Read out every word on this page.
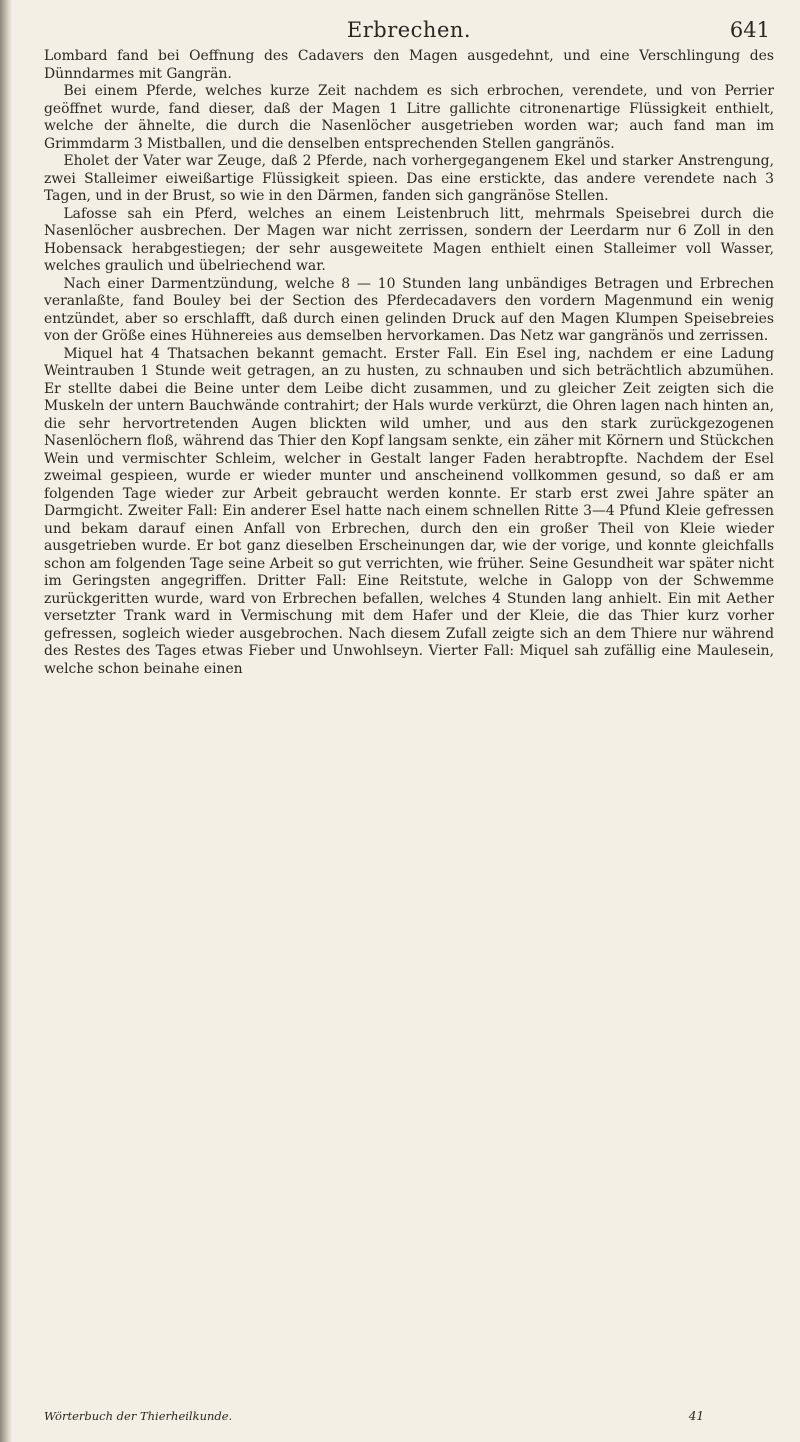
Erbrechen.	641

Lombard fand bei Oeffnung des Cadavers den Magen ausgedehnt, und eine Verschlingung des Dünndarmes mit Gangrän.

Bei einem Pferde, welches kurze Zeit nachdem es sich erbrochen, verendete, und von Perrier geöffnet wurde, fand dieser, daß der Magen 1 Litre gallichte citronenartige Flüssigkeit enthielt, welche der ähnelte, die durch die Nasenlöcher ausgetrieben worden war; auch fand man im Grimmdarm 3 Mistballen, und die denselben entsprechenden Stellen gangränös.

Eholet der Vater war Zeuge, daß 2 Pferde, nach vorhergegangenem Ekel und starker Anstrengung, zwei Stalleimer eiweißartige Flüssigkeit spieen. Das eine erstickte, das andere verendete nach 3 Tagen, und in der Brust, so wie in den Därmen, fanden sich gangränöse Stellen.

Lafosse sah ein Pferd, welches an einem Leistenbruch litt, mehrmals Speisebrei durch die Nasenlöcher ausbrechen. Der Magen war nicht zerrissen, sondern der Leerdarm nur 6 Zoll in den Hobensack herabgestiegen; der sehr ausgeweitete Magen enthielt einen Stalleimer voll Wasser, welches graulich und übelriechend war.

Nach einer Darmentzündung, welche 8 — 10 Stunden lang unbändiges Betragen und Erbrechen veranlaßte, fand Bouley bei der Section des Pferdecadavers den vordern Magenmund ein wenig entzündet, aber so erschlafft, daß durch einen gelinden Druck auf den Magen Klumpen Speisebreies von der Größe eines Hühnereies aus demselben hervorkamen. Das Netz war gangränös und zerrissen.

Miquel hat 4 Thatsachen bekannt gemacht. Erster Fall. Ein Esel ing, nachdem er eine Ladung Weintrauben 1 Stunde weit getragen, an zu husten, zu schnauben und sich beträchtlich abzumühen. Er stellte dabei die Beine unter dem Leibe dicht zusammen, und zu gleicher Zeit zeigten sich die Muskeln der untern Bauchwände contrahirt; der Hals wurde verkürzt, die Ohren lagen nach hinten an, die sehr hervortretenden Augen blickten wild umher, und aus den stark zurückgezogenen Nasenlöchern floß, während das Thier den Kopf langsam senkte, ein zäher mit Körnern und Stückchen Wein und vermischter Schleim, welcher in Gestalt langer Faden herabtropfte. Nachdem der Esel zweimal gespieen, wurde er wieder munter und anscheinend vollkommen gesund, so daß er am folgenden Tage wieder zur Arbeit gebraucht werden konnte. Er starb erst zwei Jahre später an Darmgicht. Zweiter Fall: Ein anderer Esel hatte nach einem schnellen Ritte 3—4 Pfund Kleie gefressen und bekam darauf einen Anfall von Erbrechen, durch den ein großer Theil von Kleie wieder ausgetrieben wurde. Er bot ganz dieselben Erscheinungen dar, wie der vorige, und konnte gleichfalls schon am folgenden Tage seine Arbeit so gut verrichten, wie früher. Seine Gesundheit war später nicht im Geringsten angegriffen. Dritter Fall: Eine Reitstute, welche in Galopp von der Schwemme zurückgeritten wurde, ward von Erbrechen befallen, welches 4 Stunden lang anhielt. Ein mit Aether versetzter Trank ward in Vermischung mit dem Hafer und der Kleie, die das Thier kurz vorher gefressen, sogleich wieder ausgebrochen. Nach diesem Zufall zeigte sich an dem Thiere nur während des Restes des Tages etwas Fieber und Unwohlseyn. Vierter Fall: Miquel sah zufällig eine Maulesein, welche schon beinahe einen

Wörterbuch der Thierheilkunde.	41
